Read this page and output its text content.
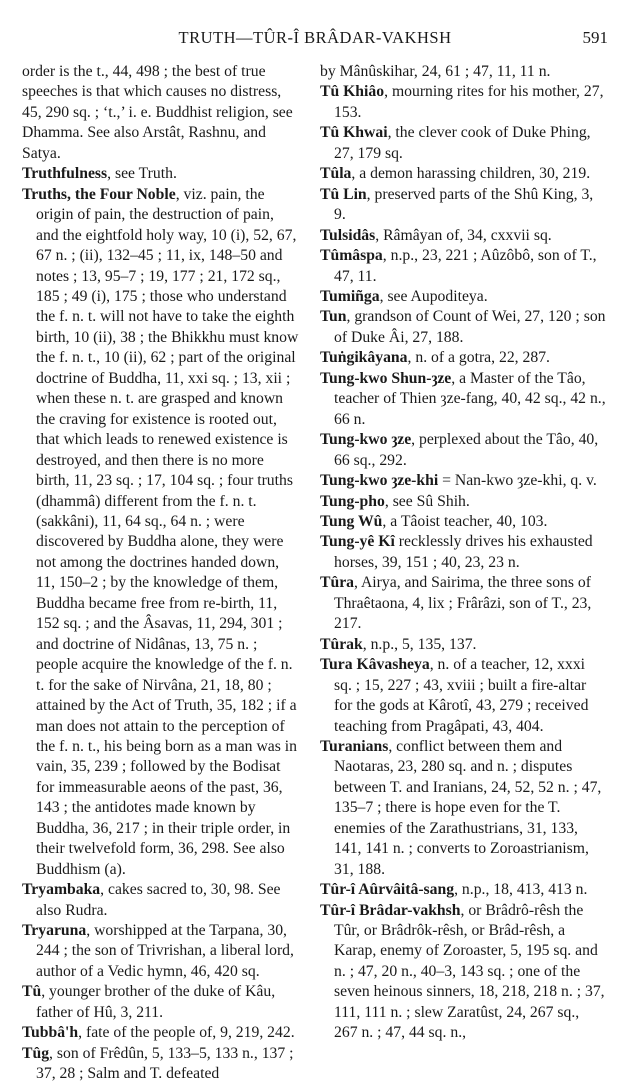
TRUTH—TÛR-Î BRÂDAR-VAKHSH	591

order is the t., 44, 498 ; the best of true speeches is that which causes no distress, 45, 290 sq. ; ‘t.,’ i. e. Buddhist religion, see Dhamma. See also Arstât, Rashnu, and Satya.

Truthfulness, see Truth.

Truths, the Four Noble, viz. pain, the origin of pain, the destruction of pain, and the eightfold holy way, 10 (i), 52, 67, 67 n. ; (ii), 132–45 ; 11, ix, 148–50 and notes ; 13, 95–7 ; 19, 177 ; 21, 172 sq., 185 ; 49 (i), 175 ; those who understand the f. n. t. will not have to take the eighth birth, 10 (ii), 38 ; the Bhikkhu must know the f. n. t., 10 (ii), 62 ; part of the original doctrine of Buddha, 11, xxi sq. ; 13, xii ; when these n. t. are grasped and known the craving for existence is rooted out, that which leads to renewed existence is destroyed, and then there is no more birth, 11, 23 sq. ; 17, 104 sq. ; four truths (dhammâ) different from the f. n. t. (sakkâni), 11, 64 sq., 64 n. ; were discovered by Buddha alone, they were not among the doctrines handed down, 11, 150–2 ; by the knowledge of them, Buddha became free from re-birth, 11, 152 sq. ; and the Âsavas, 11, 294, 301 ; and doctrine of Nidânas, 13, 75 n. ; people acquire the knowledge of the f. n. t. for the sake of Nirvâna, 21, 18, 80 ; attained by the Act of Truth, 35, 182 ; if a man does not attain to the perception of the f. n. t., his being born as a man was in vain, 35, 239 ; followed by the Bodisat for immeasurable aeons of the past, 36, 143 ; the antidotes made known by Buddha, 36, 217 ; in their triple order, in their twelvefold form, 36, 298. See also Buddhism (a).

Tryambaka, cakes sacred to, 30, 98. See also Rudra.

Tryaruna, worshipped at the Tarpana, 30, 244 ; the son of Trivrishan, a liberal lord, author of a Vedic hymn, 46, 420 sq.

Tû, younger brother of the duke of Kâu, father of Hû, 3, 211.

Tubbâ'h, fate of the people of, 9, 219, 242.

Tûg, son of Frêdûn, 5, 133–5, 133 n., 137 ; 37, 28 ; Salm and T. defeated

by Mânûskihar, 24, 61 ; 47, 11, 11 n.

Tû Khiâo, mourning rites for his mother, 27, 153.

Tû Khwai, the clever cook of Duke Phing, 27, 179 sq.

Tûla, a demon harassing children, 30, 219.

Tû Lin, preserved parts of the Shû King, 3, 9.

Tulsidâs, Râmâyan of, 34, cxxvii sq.

Tûmâspa, n.p., 23, 221 ; Aûzôbô, son of T., 47, 11.

Tumiñga, see Aupoditeya.

Tun, grandson of Count of Wei, 27, 120 ; son of Duke Âi, 27, 188.

Tuṅgikâyana, n. of a gotra, 22, 287.

Tung-kwo Shun-ȝze, a Master of the Tâo, teacher of Thien ȝze-fang, 40, 42 sq., 42 n., 66 n.

Tung-kwo ȝze, perplexed about the Tâo, 40, 66 sq., 292.

Tung-kwo ȝze-khi = Nan-kwo ȝze-khi, q. v.

Tung-pho, see Sû Shih.

Tung Wû, a Tâoist teacher, 40, 103.

Tung-yê Kî recklessly drives his exhausted horses, 39, 151 ; 40, 23, 23 n.

Tûra, Airya, and Sairima, the three sons of Thraêtaona, 4, lix ; Frârâzi, son of T., 23, 217.

Tûrak, n.p., 5, 135, 137.

Tura Kâvasheya, n. of a teacher, 12, xxxi sq. ; 15, 227 ; 43, xviii ; built a fire-altar for the gods at Kârotî, 43, 279 ; received teaching from Pragâpati, 43, 404.

Turanians, conflict between them and Naotaras, 23, 280 sq. and n. ; disputes between T. and Iranians, 24, 52, 52 n. ; 47, 135–7 ; there is hope even for the T. enemies of the Zarathustrians, 31, 133, 141, 141 n. ; converts to Zoroastrianism, 31, 188.

Tûr-î Aûrvâitâ-sang, n.p., 18, 413, 413 n.

Tûr-î Brâdar-vakhsh, or Brâdrô-rêsh the Tûr, or Brâdrôk-rêsh, or Brâd-rêsh, a Karap, enemy of Zoroaster, 5, 195 sq. and n. ; 47, 20 n., 40–3, 143 sq. ; one of the seven heinous sinners, 18, 218, 218 n. ; 37, 111, 111 n. ; slew Zaratûst, 24, 267 sq., 267 n. ; 47, 44 sq. n.,
